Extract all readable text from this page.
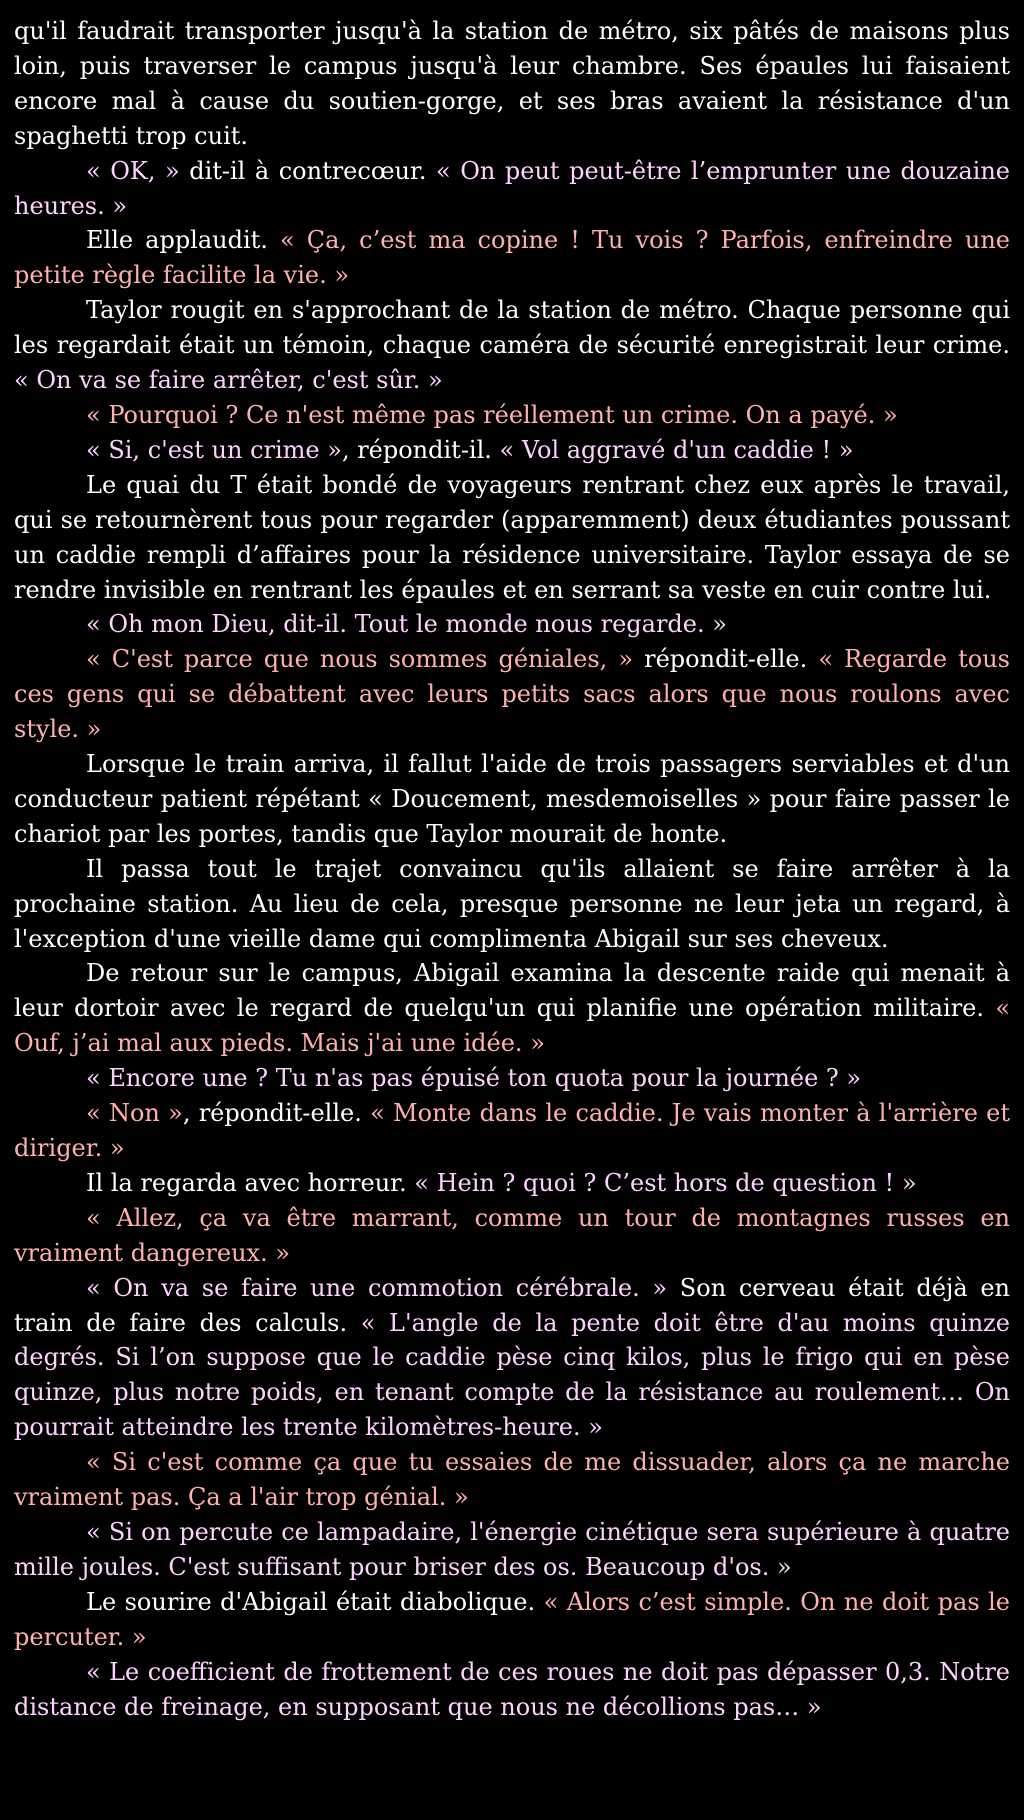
qu'il faudrait transporter jusqu'à la station de métro, six pâtés de maisons plus loin, puis traverser le campus jusqu'à leur chambre. Ses épaules lui faisaient encore mal à cause du soutien-gorge, et ses bras avaient la résistance d'un spaghetti trop cuit.

« OK, » dit-il à contrecœur. « On peut peut-être l’emprunter une douzaine heures. »

Elle applaudit. « Ça, c’est ma copine ! Tu vois ? Parfois, enfreindre une petite règle facilite la vie. »

Taylor rougit en s'approchant de la station de métro. Chaque personne qui les regardait était un témoin, chaque caméra de sécurité enregistrait leur crime. « On va se faire arrêter, c'est sûr. »

« Pourquoi ? Ce n'est même pas réellement un crime. On a payé. »

« Si, c'est un crime », répondit-il. « Vol aggravé d'un caddie ! »

Le quai du T était bondé de voyageurs rentrant chez eux après le travail, qui se retournèrent tous pour regarder (apparemment) deux étudiantes poussant un caddie rempli d’affaires pour la résidence universitaire. Taylor essaya de se rendre invisible en rentrant les épaules et en serrant sa veste en cuir contre lui.

« Oh mon Dieu, dit-il. Tout le monde nous regarde. »

« C'est parce que nous sommes géniales, » répondit-elle. « Regarde tous ces gens qui se débattent avec leurs petits sacs alors que nous roulons avec style. »

Lorsque le train arriva, il fallut l'aide de trois passagers serviables et d'un conducteur patient répétant « Doucement, mesdemoiselles » pour faire passer le chariot par les portes, tandis que Taylor mourait de honte.

Il passa tout le trajet convaincu qu'ils allaient se faire arrêter à la prochaine station. Au lieu de cela, presque personne ne leur jeta un regard, à l'exception d'une vieille dame qui complimenta Abigail sur ses cheveux.

De retour sur le campus, Abigail examina la descente raide qui menait à leur dortoir avec le regard de quelqu'un qui planifie une opération militaire. « Ouf, j’ai mal aux pieds. Mais j'ai une idée. »

« Encore une ? Tu n'as pas épuisé ton quota pour la journée ? »

« Non », répondit-elle. « Monte dans le caddie. Je vais monter à l'arrière et diriger. »

Il la regarda avec horreur. « Hein ? quoi ? C’est hors de question ! »

« Allez, ça va être marrant, comme un tour de montagnes russes en vraiment dangereux. »

« On va se faire une commotion cérébrale. » Son cerveau était déjà en train de faire des calculs. « L'angle de la pente doit être d'au moins quinze degrés. Si l’on suppose que le caddie pèse cinq kilos, plus le frigo qui en pèse quinze, plus notre poids, en tenant compte de la résistance au roulement… On pourrait atteindre les trente kilomètres-heure. »

« Si c'est comme ça que tu essaies de me dissuader, alors ça ne marche vraiment pas. Ça a l'air trop génial. »

« Si on percute ce lampadaire, l'énergie cinétique sera supérieure à quatre mille joules. C'est suffisant pour briser des os. Beaucoup d'os. »

Le sourire d'Abigail était diabolique. « Alors c’est simple. On ne doit pas le percuter. »

« Le coefficient de frottement de ces roues ne doit pas dépasser 0,3. Notre distance de freinage, en supposant que nous ne décollions pas… »
